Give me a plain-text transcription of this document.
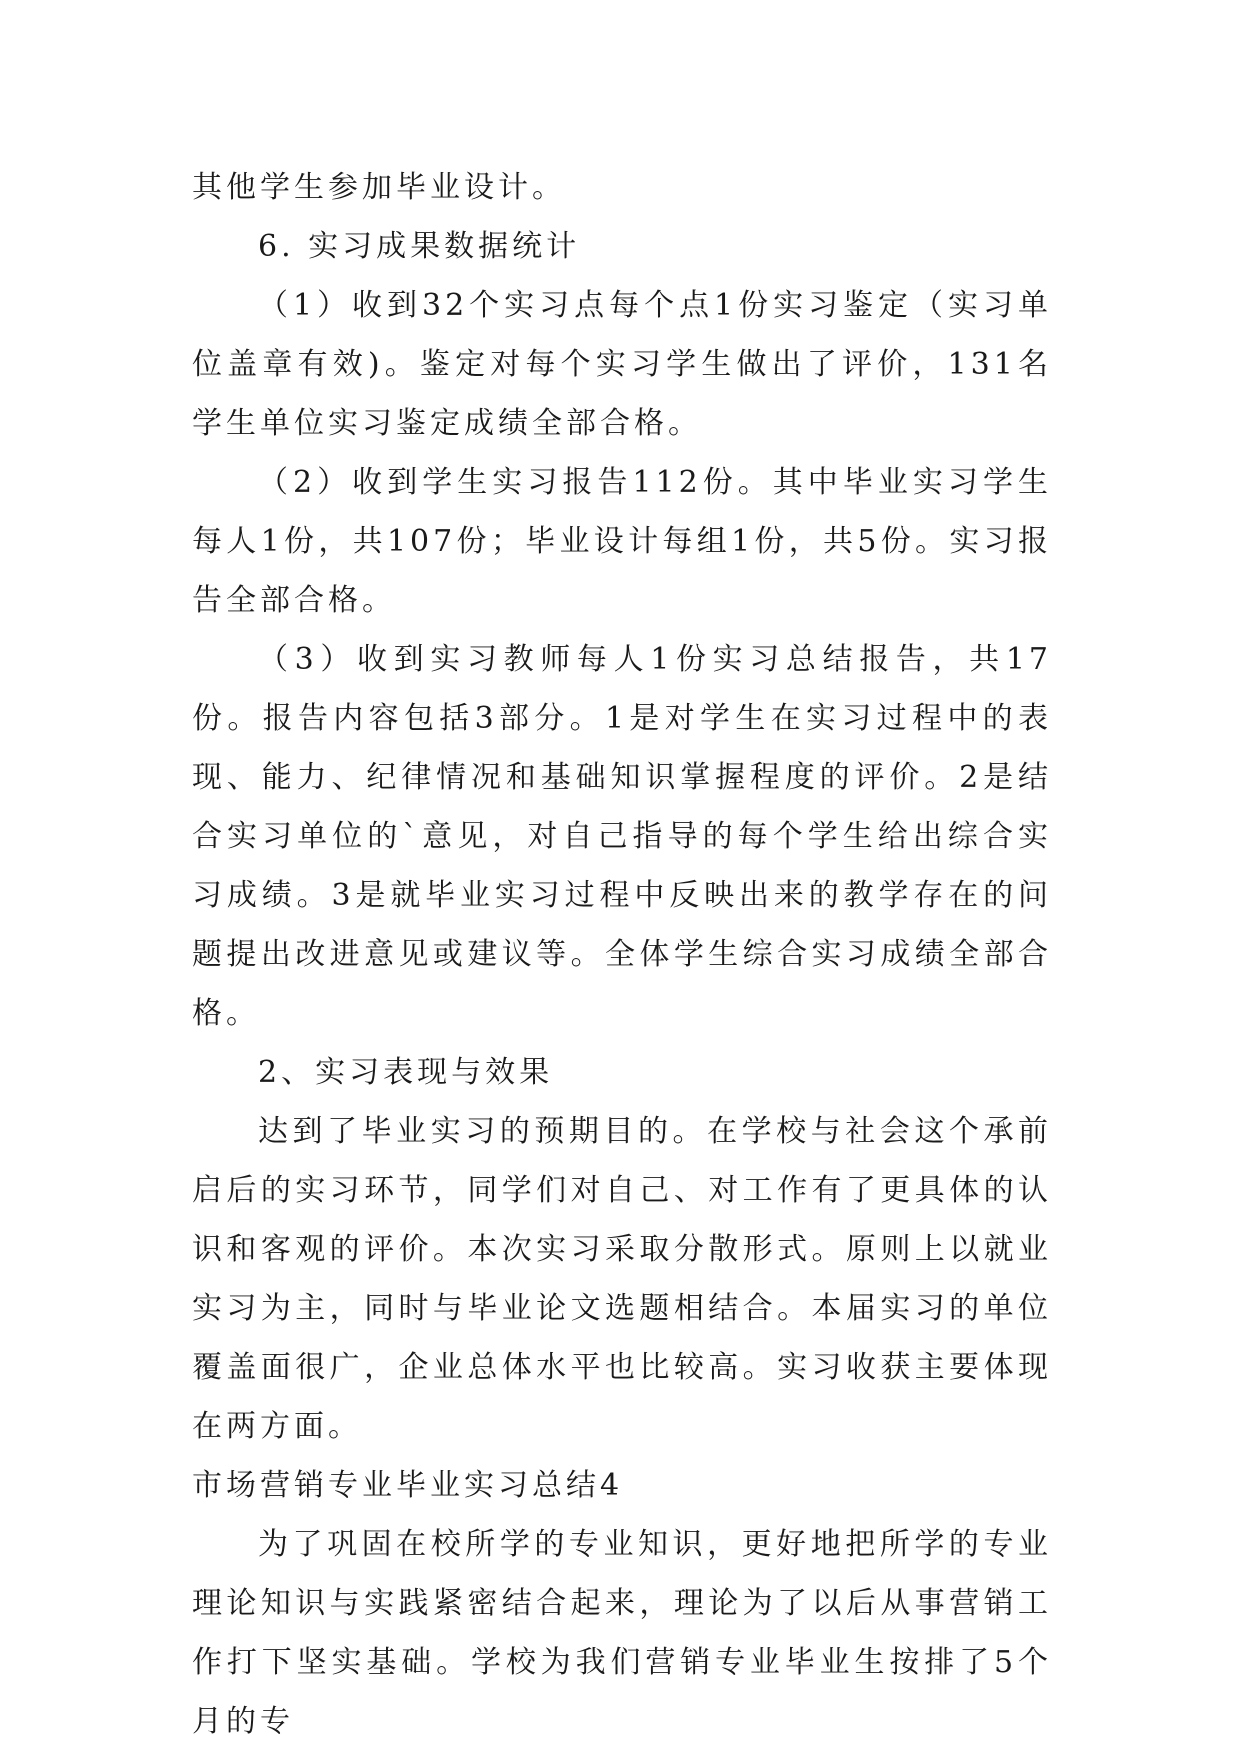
其他学生参加毕业设计。

6. 实习成果数据统计

（1）收到32个实习点每个点1份实习鉴定（实习单位盖章有效)。鉴定对每个实习学生做出了评价，131名学生单位实习鉴定成绩全部合格。

（2）收到学生实习报告112份。其中毕业实习学生每人1份，共107份；毕业设计每组1份，共5份。实习报告全部合格。

（3）收到实习教师每人1份实习总结报告，共17份。报告内容包括3部分。1是对学生在实习过程中的表现、能力、纪律情况和基础知识掌握程度的评价。2是结合实习单位的`意见，对自己指导的每个学生给出综合实习成绩。3是就毕业实习过程中反映出来的教学存在的问题提出改进意见或建议等。全体学生综合实习成绩全部合格。

2、实习表现与效果

达到了毕业实习的预期目的。在学校与社会这个承前启后的实习环节，同学们对自己、对工作有了更具体的认识和客观的评价。本次实习采取分散形式。原则上以就业实习为主，同时与毕业论文选题相结合。本届实习的单位覆盖面很广，企业总体水平也比较高。实习收获主要体现在两方面。

市场营销专业毕业实习总结4

为了巩固在校所学的专业知识，更好地把所学的专业理论知识与实践紧密结合起来，理论为了以后从事营销工作打下坚实基础。学校为我们营销专业毕业生按排了5个月的专
